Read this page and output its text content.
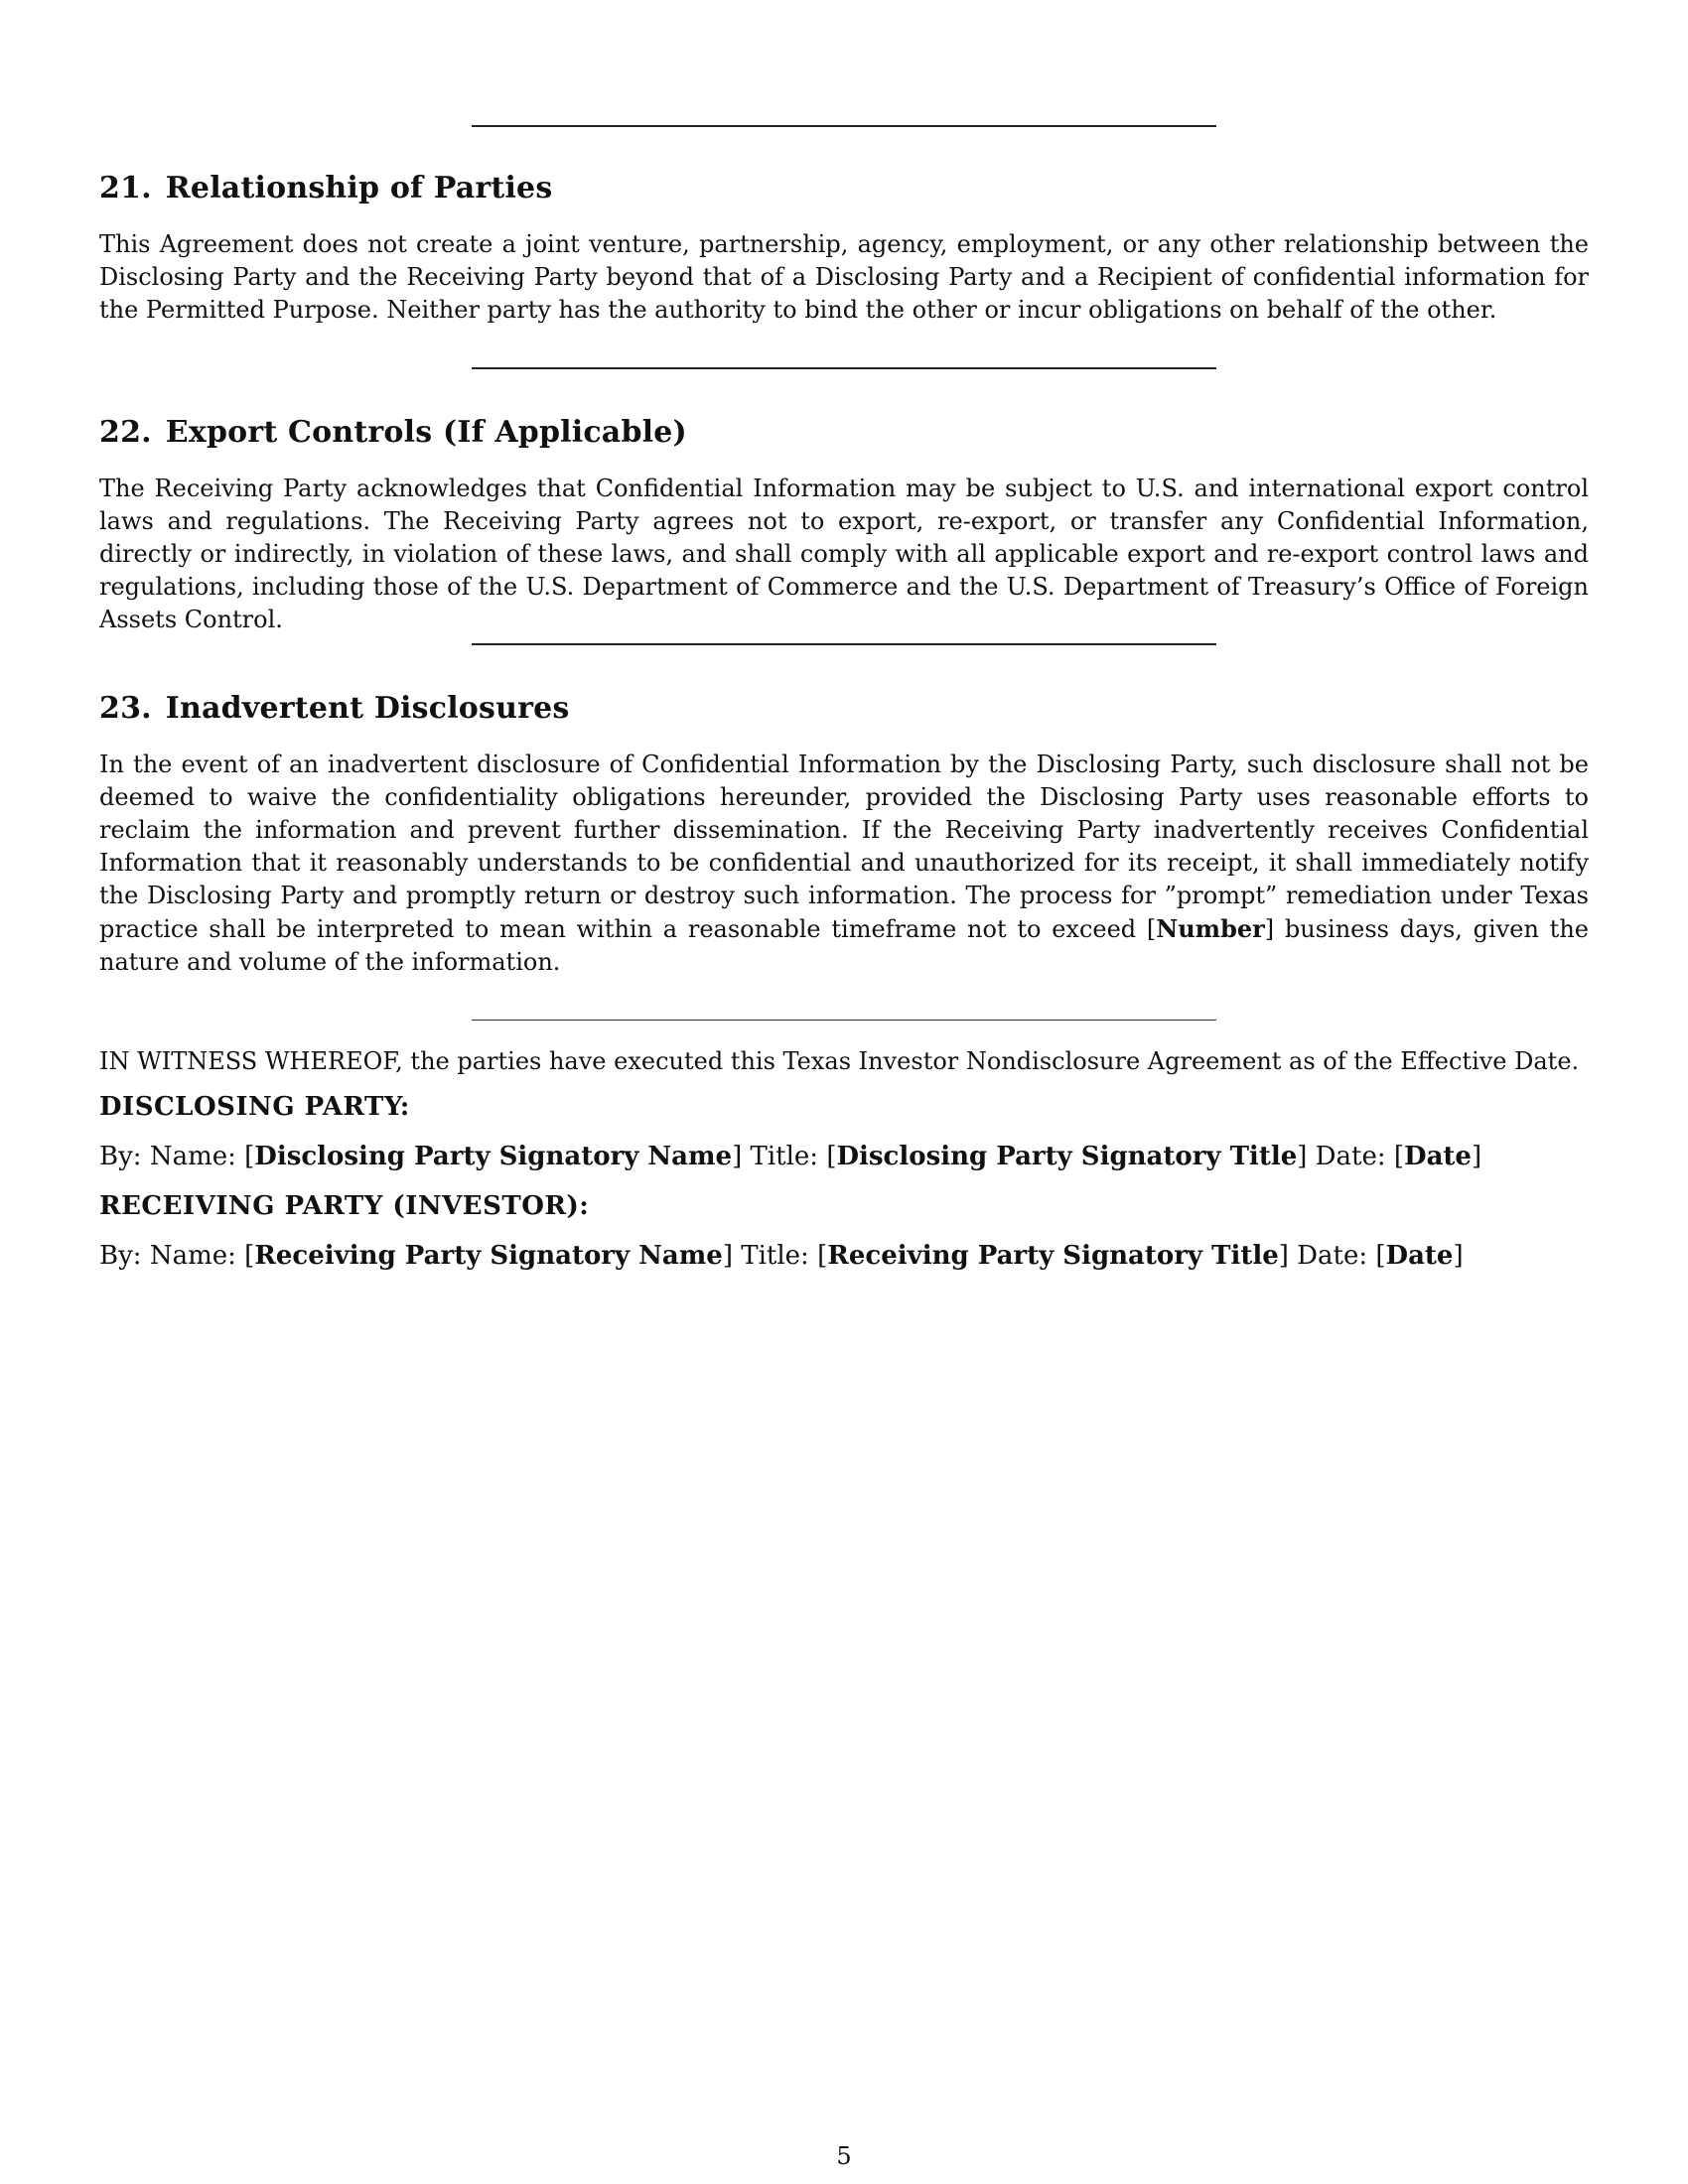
21. Relationship of Parties

This Agreement does not create a joint venture, partnership, agency, employment, or any other relationship between the Disclosing Party and the Receiving Party beyond that of a Disclosing Party and a Recipient of confidential information for the Permitted Purpose. Neither party has the authority to bind the other or incur obligations on behalf of the other.

22. Export Controls (If Applicable)

The Receiving Party acknowledges that Confidential Information may be subject to U.S. and international export control laws and regulations. The Receiving Party agrees not to export, re-export, or transfer any Confidential Information, directly or indirectly, in violation of these laws, and shall comply with all applicable export and re-export control laws and regulations, including those of the U.S. Department of Commerce and the U.S. Department of Treasury’s Office of Foreign Assets Control.

23. Inadvertent Disclosures

In the event of an inadvertent disclosure of Confidential Information by the Disclosing Party, such disclosure shall not be deemed to waive the confidentiality obligations hereunder, provided the Disclosing Party uses reasonable efforts to reclaim the information and prevent further dissemination. If the Receiving Party inadvertently receives Confidential Information that it reasonably understands to be confidential and unauthorized for its receipt, it shall immediately notify the Disclosing Party and promptly return or destroy such information. The process for ”prompt” remediation under Texas practice shall be interpreted to mean within a reasonable timeframe not to exceed [Number] business days, given the nature and volume of the information.

IN WITNESS WHEREOF, the parties have executed this Texas Investor Nondisclosure Agreement as of the Effective Date.

DISCLOSING PARTY:
By: Name: [Disclosing Party Signatory Name] Title: [Disclosing Party Signatory Title] Date: [Date]
RECEIVING PARTY (INVESTOR):
By: Name: [Receiving Party Signatory Name] Title: [Receiving Party Signatory Title] Date: [Date]
5
